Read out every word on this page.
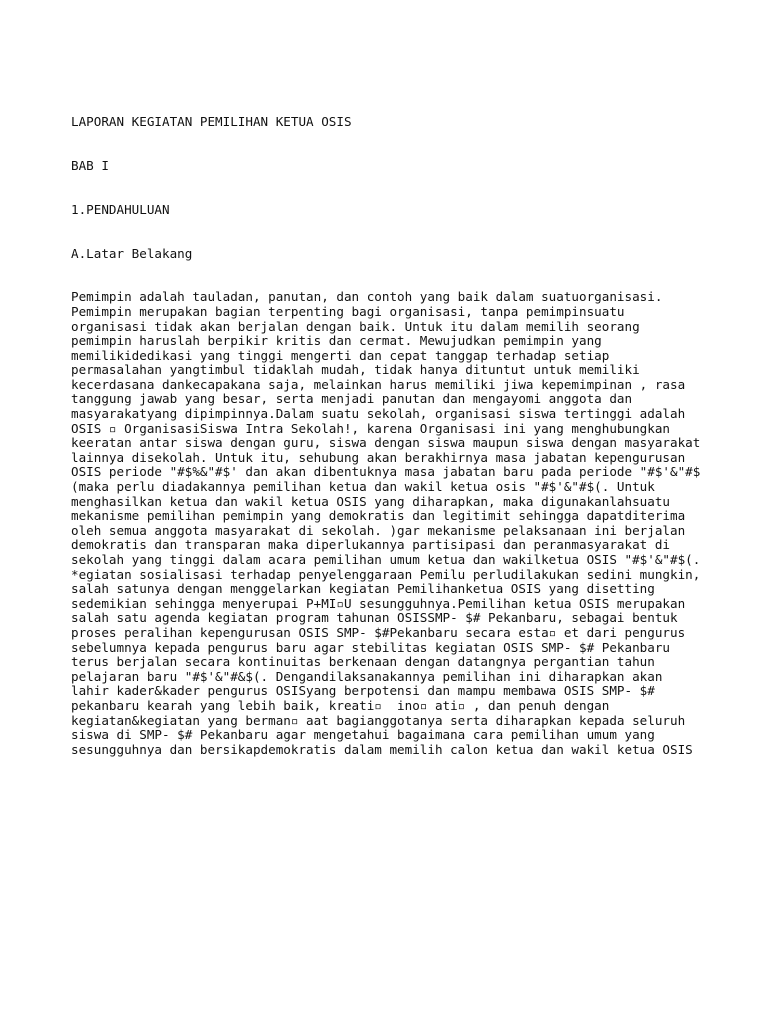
LAPORAN KEGIATAN PEMILIHAN KETUA OSIS

BAB I

1.PENDAHULUAN

A.Latar Belakang

Pemimpin adalah tauladan, panutan, dan contoh yang baik dalam suatuorganisasi.
Pemimpin merupakan bagian terpenting bagi organisasi, tanpa pemimpinsuatu
organisasi tidak akan berjalan dengan baik. Untuk itu dalam memilih seorang
pemimpin haruslah berpikir kritis dan cermat. Mewujudkan pemimpin yang
memilikidedikasi yang tinggi mengerti dan cepat tanggap terhadap setiap
permasalahan yangtimbul tidaklah mudah, tidak hanya dituntut untuk memiliki
kecerdasana dankecapakana saja, melainkan harus memiliki jiwa kepemimpinan , rasa
tanggung jawab yang besar, serta menjadi panutan dan mengayomi anggota dan
masyarakatyang dipimpinnya.Dalam suatu sekolah, organisasi siswa tertinggi adalah
OSIS ▫ OrganisasiSiswa Intra Sekolah!, karena Organisasi ini yang menghubungkan
keeratan antar siswa dengan guru, siswa dengan siswa maupun siswa dengan masyarakat
lainnya disekolah. Untuk itu, sehubung akan berakhirnya masa jabatan kepengurusan
OSIS periode "#$%&"#$' dan akan dibentuknya masa jabatan baru pada periode "#$'&"#$
(maka perlu diadakannya pemilihan ketua dan wakil ketua osis "#$'&"#$(. Untuk
menghasilkan ketua dan wakil ketua OSIS yang diharapkan, maka digunakanlahsuatu
mekanisme pemilihan pemimpin yang demokratis dan legitimit sehingga dapatditerima
oleh semua anggota masyarakat di sekolah. )gar mekanisme pelaksanaan ini berjalan
demokratis dan transparan maka diperlukannya partisipasi dan peranmasyarakat di
sekolah yang tinggi dalam acara pemilihan umum ketua dan wakilketua OSIS "#$'&"#$(.
*egiatan sosialisasi terhadap penyelenggaraan Pemilu perludilakukan sedini mungkin,
salah satunya dengan menggelarkan kegiatan Pemilihanketua OSIS yang disetting
sedemikian sehingga menyerupai P+MI▫U sesungguhnya.Pemilihan ketua OSIS merupakan
salah satu agenda kegiatan program tahunan OSISSMP- $# Pekanbaru, sebagai bentuk
proses peralihan kepengurusan OSIS SMP- $#Pekanbaru secara esta▫ et dari pengurus
sebelumnya kepada pengurus baru agar stebilitas kegiatan OSIS SMP- $# Pekanbaru
terus berjalan secara kontinuitas berkenaan dengan datangnya pergantian tahun
pelajaran baru "#$'&"#&$(. Dengandilaksanakannya pemilihan ini diharapkan akan
lahir kader&kader pengurus OSISyang berpotensi dan mampu membawa OSIS SMP- $#
pekanbaru kearah yang lebih baik, kreati▫  ino▫ ati▫ , dan penuh dengan
kegiatan&kegiatan yang berman▫ aat bagianggotanya serta diharapkan kepada seluruh
siswa di SMP- $# Pekanbaru agar mengetahui bagaimana cara pemilihan umum yang
sesungguhnya dan bersikapdemokratis dalam memilih calon ketua dan wakil ketua OSIS
